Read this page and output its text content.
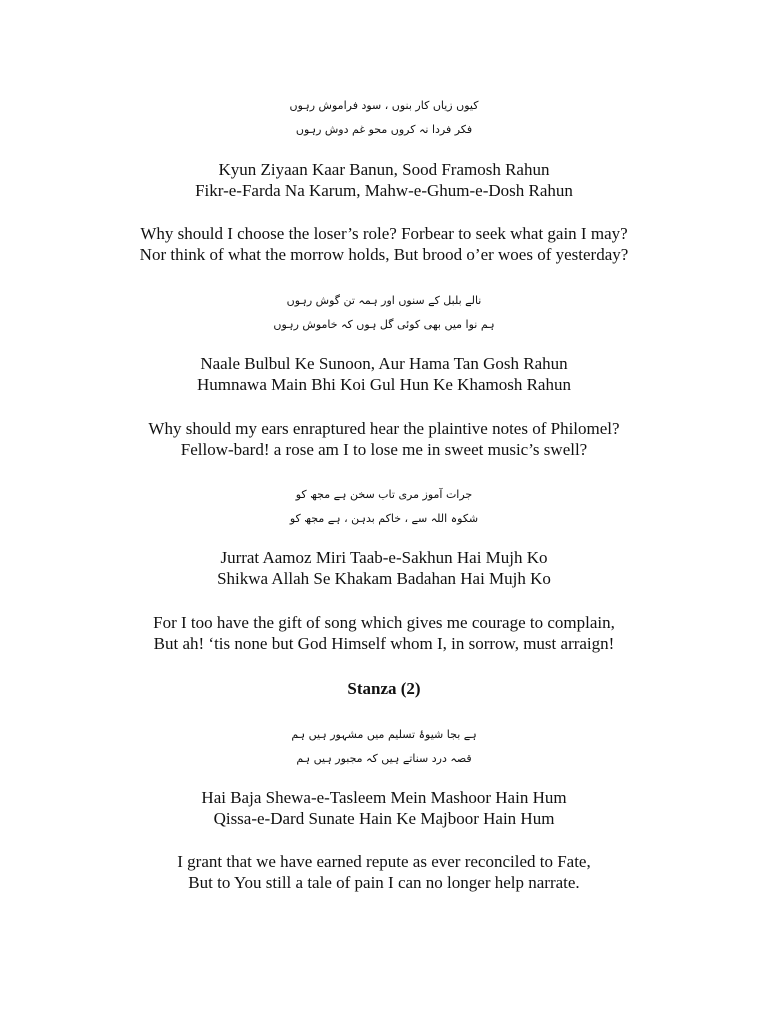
کیوں زیاں کار بنوں ، سود فراموش رہوں
فکر فردا نہ کروں محو غم دوش رہوں
Kyun Ziyaan Kaar Banun, Sood Framosh Rahun
Fikr-e-Farda Na Karum, Mahw-e-Ghum-e-Dosh Rahun
Why should I choose the loser’s role? Forbear to seek what gain I may?
Nor think of what the morrow holds, But brood o’er woes of yesterday?
نالے بلبل کے سنوں اور ہمہ تن گوش رہوں
ہم نوا میں بھی کوئی گل ہوں کہ خاموش رہوں
Naale Bulbul Ke Sunoon, Aur Hama Tan Gosh Rahun
Humnawa Main Bhi Koi Gul Hun Ke Khamosh Rahun
Why should my ears enraptured hear the plaintive notes of Philomel?
Fellow-bard! a rose am I to lose me in sweet music’s swell?
جرات آموز مری تاب سخن ہے مجھ کو
شکوہ اللہ سے ، خاکم بدہن ، ہے مجھ کو
Jurrat Aamoz Miri Taab-e-Sakhun Hai Mujh Ko
Shikwa Allah Se Khakam Badahan Hai Mujh Ko
For I too have the gift of song which gives me courage to complain,
But ah! ‘tis none but God Himself whom I, in sorrow, must arraign!
Stanza (2)
ہے بجا شیوۂ تسلیم میں مشہور ہیں ہم
قصہ درد سناتے ہیں کہ مجبور ہیں ہم
Hai Baja Shewa-e-Tasleem Mein Mashoor Hain Hum
Qissa-e-Dard Sunate Hain Ke Majboor Hain Hum
I grant that we have earned repute as ever reconciled to Fate,
But to You still a tale of pain I can no longer help narrate.
